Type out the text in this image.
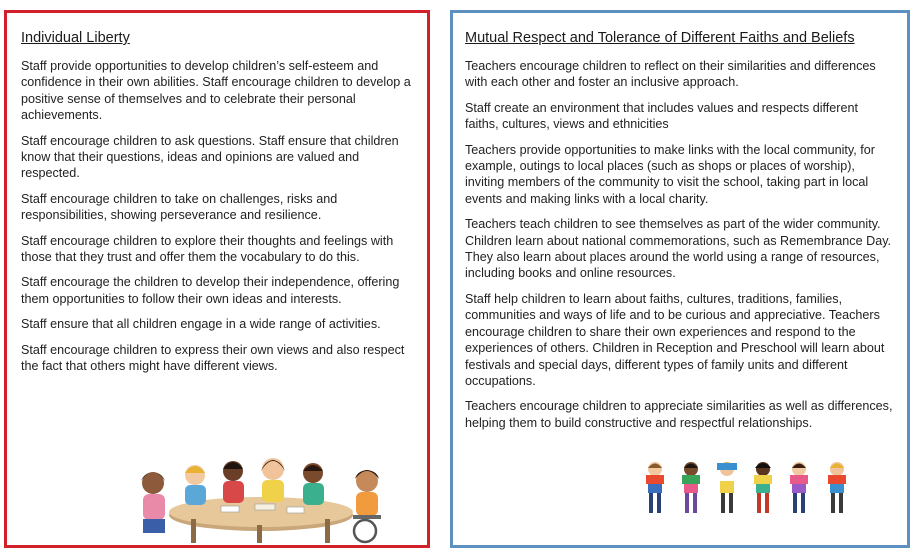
Individual Liberty

Staff provide opportunities to develop children’s self-esteem and confidence in their own abilities. Staff encourage children to develop a positive sense of themselves and to celebrate their personal achievements.

Staff encourage children to ask questions. Staff ensure that children know that their questions, ideas and opinions are valued and respected.

Staff encourage children to take on challenges, risks and responsibilities, showing perseverance and resilience.

Staff encourage children to explore their thoughts and feelings with those that they trust and offer them the vocabulary to do this.

Staff encourage the children to develop their independence, offering them opportunities to follow their own ideas and interests.

Staff ensure that all children engage in a wide range of activities.

Staff encourage children to express their own views and also respect the fact that others might have different views.

Mutual Respect and Tolerance of Different Faiths and Beliefs

Teachers encourage children to reflect on their similarities and differences with each other and foster an inclusive approach.

Staff create an environment that includes values and respects different faiths, cultures, views and ethnicities

Teachers provide opportunities to make links with the local community, for example, outings to local places (such as shops or places of worship), inviting members of the community to visit the school, taking part in local events and making links with a local charity.

Teachers teach children to see themselves as part of the wider community. Children learn about national commemorations, such as Remembrance Day. They also learn about places around the world using a range of resources, including books and online resources.

Staff help children to learn about faiths, cultures, traditions, families, communities and ways of life and to be curious and appreciative. Teachers encourage children to share their own experiences and respond to the experiences of others. Children in Reception and Preschool will learn about festivals and special days, different types of family units and different occupations.

Teachers encourage children to appreciate similarities as well as differences, helping them to build constructive and respectful relationships.
